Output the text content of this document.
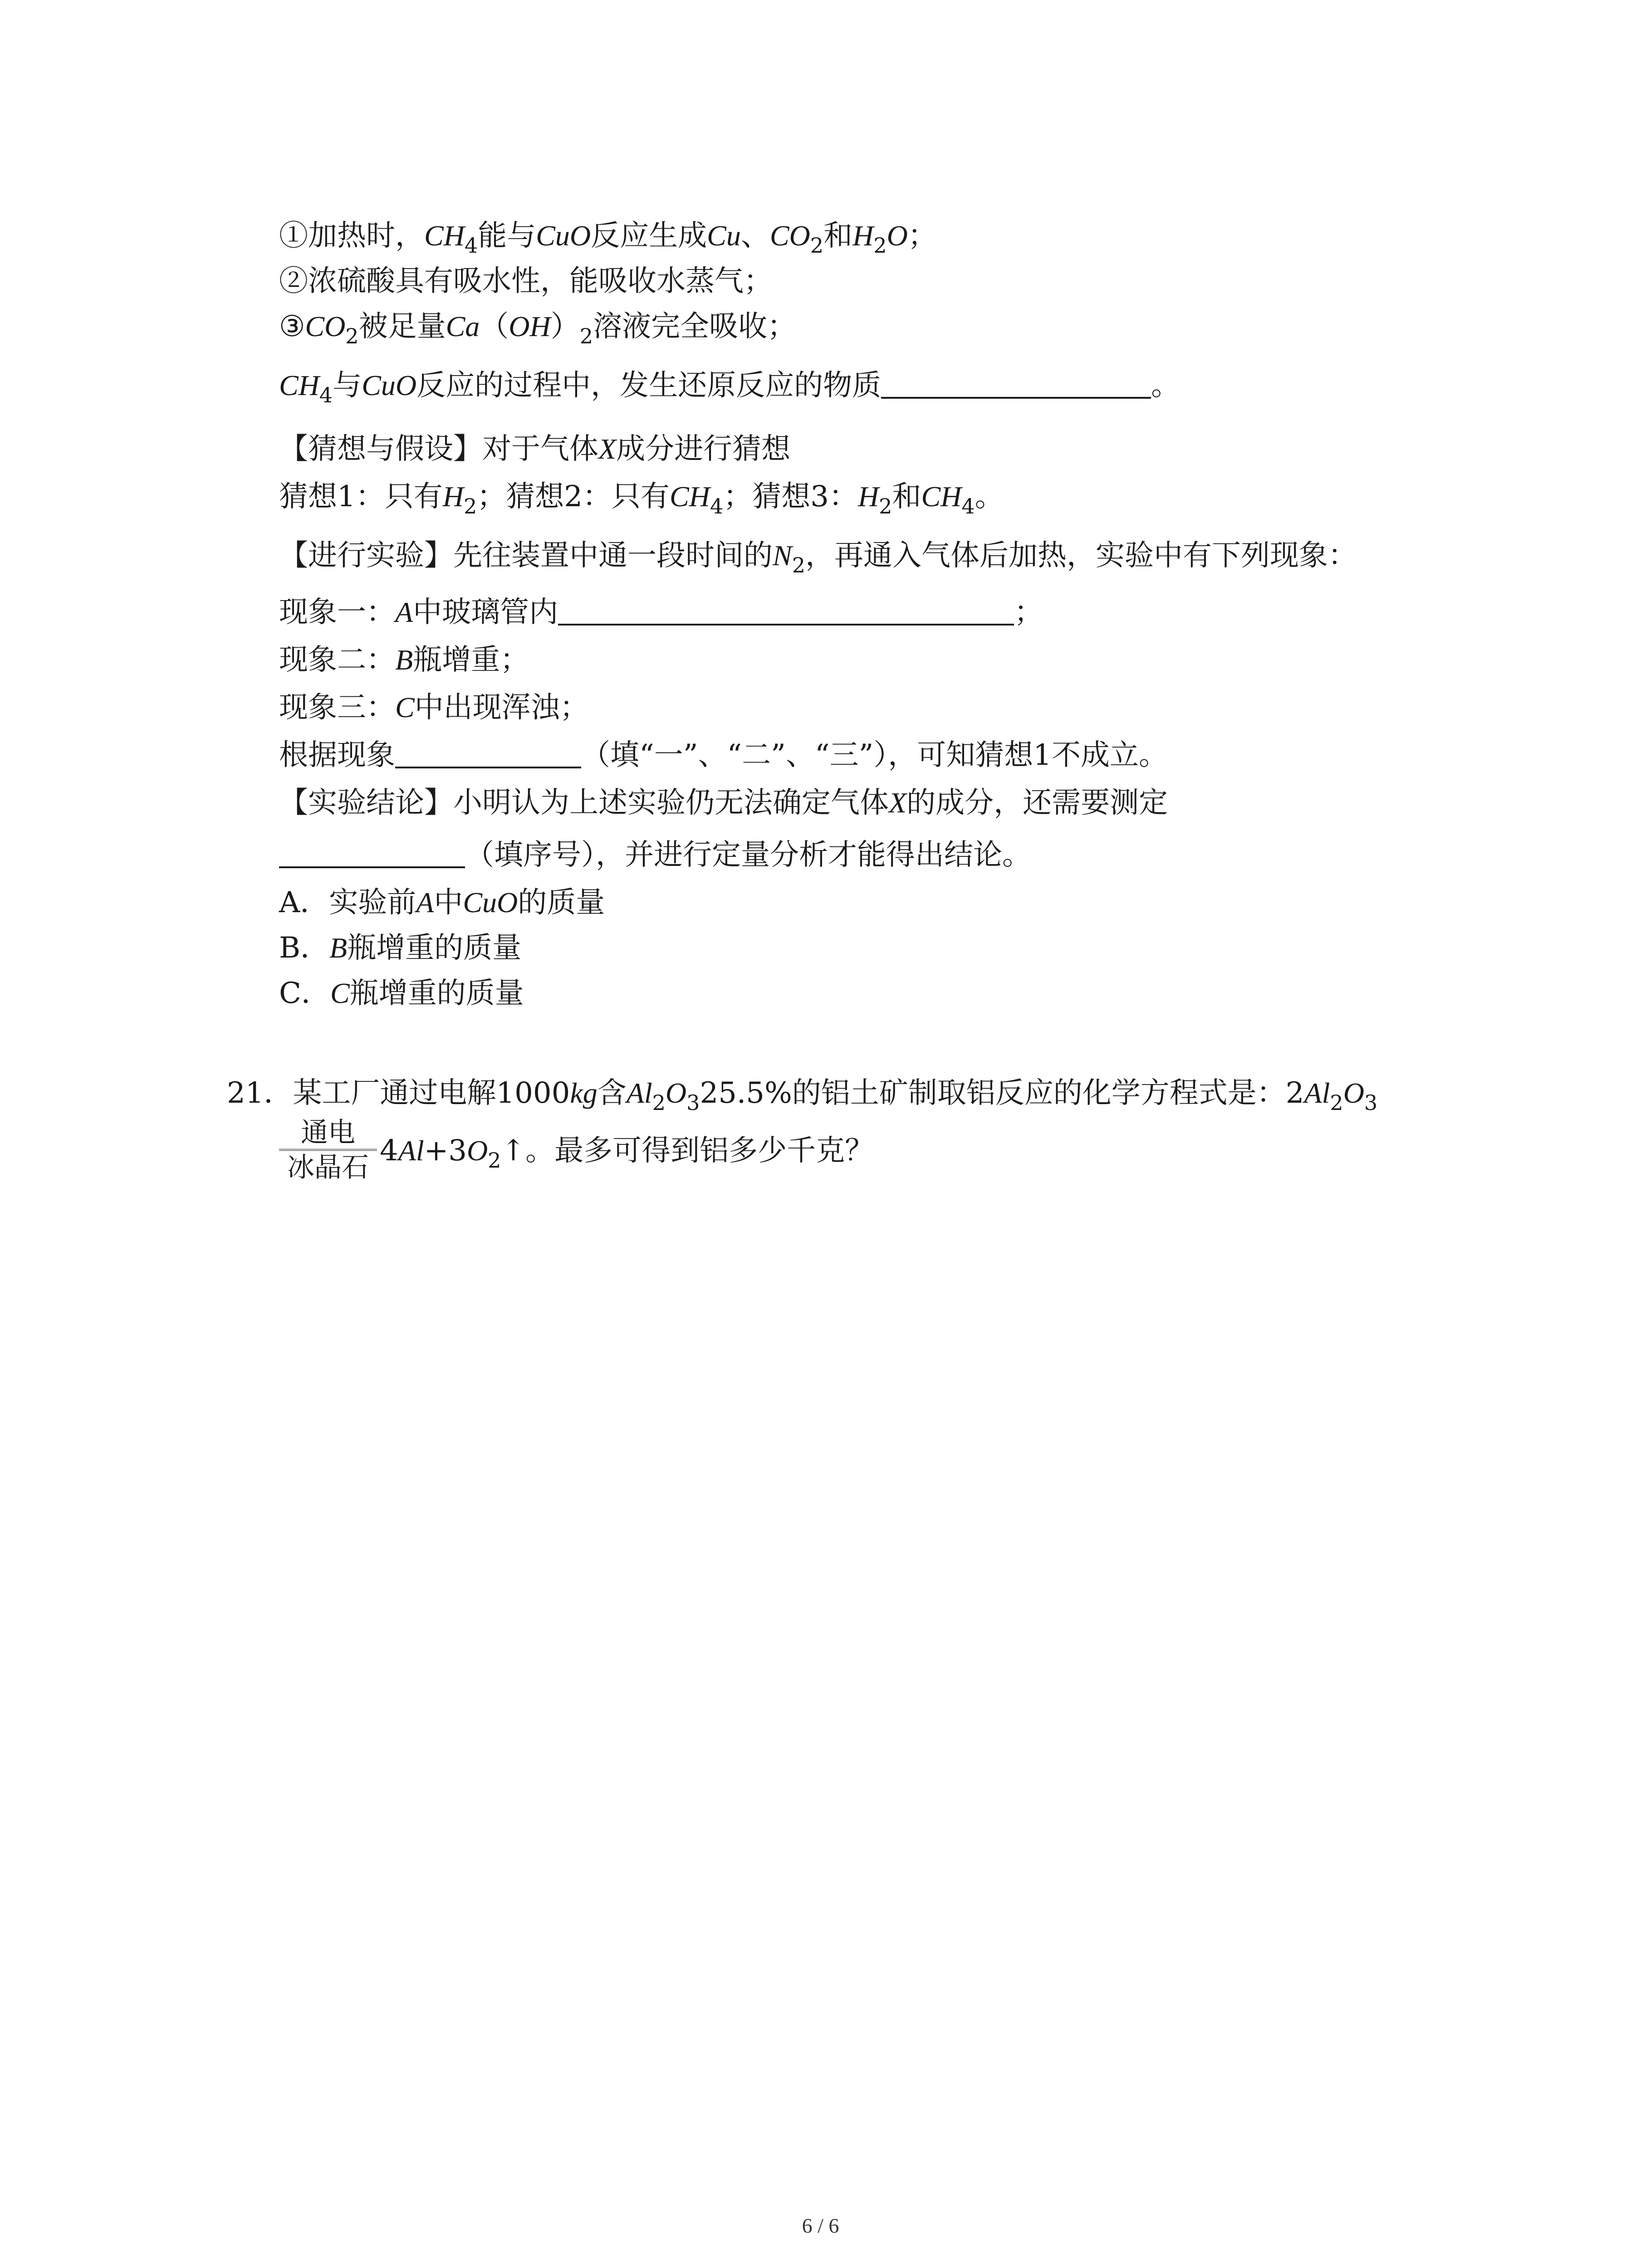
①加热时，$CH_4$能与CuO反应生成Cu、$CO_2$和$H_2O$；
②浓硫酸具有吸水性，能吸收水蒸气；
$③CO_2$被足量$Ca(OH)_2$溶液完全吸收；
$CH_4$与CuO反应的过程中，发生还原反应的物质	。
【猜想与假设】对于气体X成分进行猜想
猜想1：只有$H_2$；猜想2：只有$CH_4$；猜想3：$H_2$和$CH_4$。
【进行实验】先往装置中通一段时间的$N_2$，再通入气体后加热，实验中有下列现象：
现象一：A中玻璃管内	；
现象二：B瓶增重；
现象三：C中出现浑浊；
根据现象	（填“一”、“二”、“三”），可知猜想1不成立。
【实验结论】小明认为上述实验仍无法确定气体X的成分，还需要测定
（填序号），并进行定量分析才能得出结论。
A．实验前A中CuO的质量
B．B瓶增重的质量
C．C瓶增重的质量
21．某工厂通过电解1000kg含$Al_2O_325.5\%$的铝土矿制取铝反应的化学方程式是：$2Al_2O_3$
$\frac{\text{通电}}{\text{冰晶石}}$ $4Al+3O_2↑$。最多可得到铝多少千克？
6 / 6
